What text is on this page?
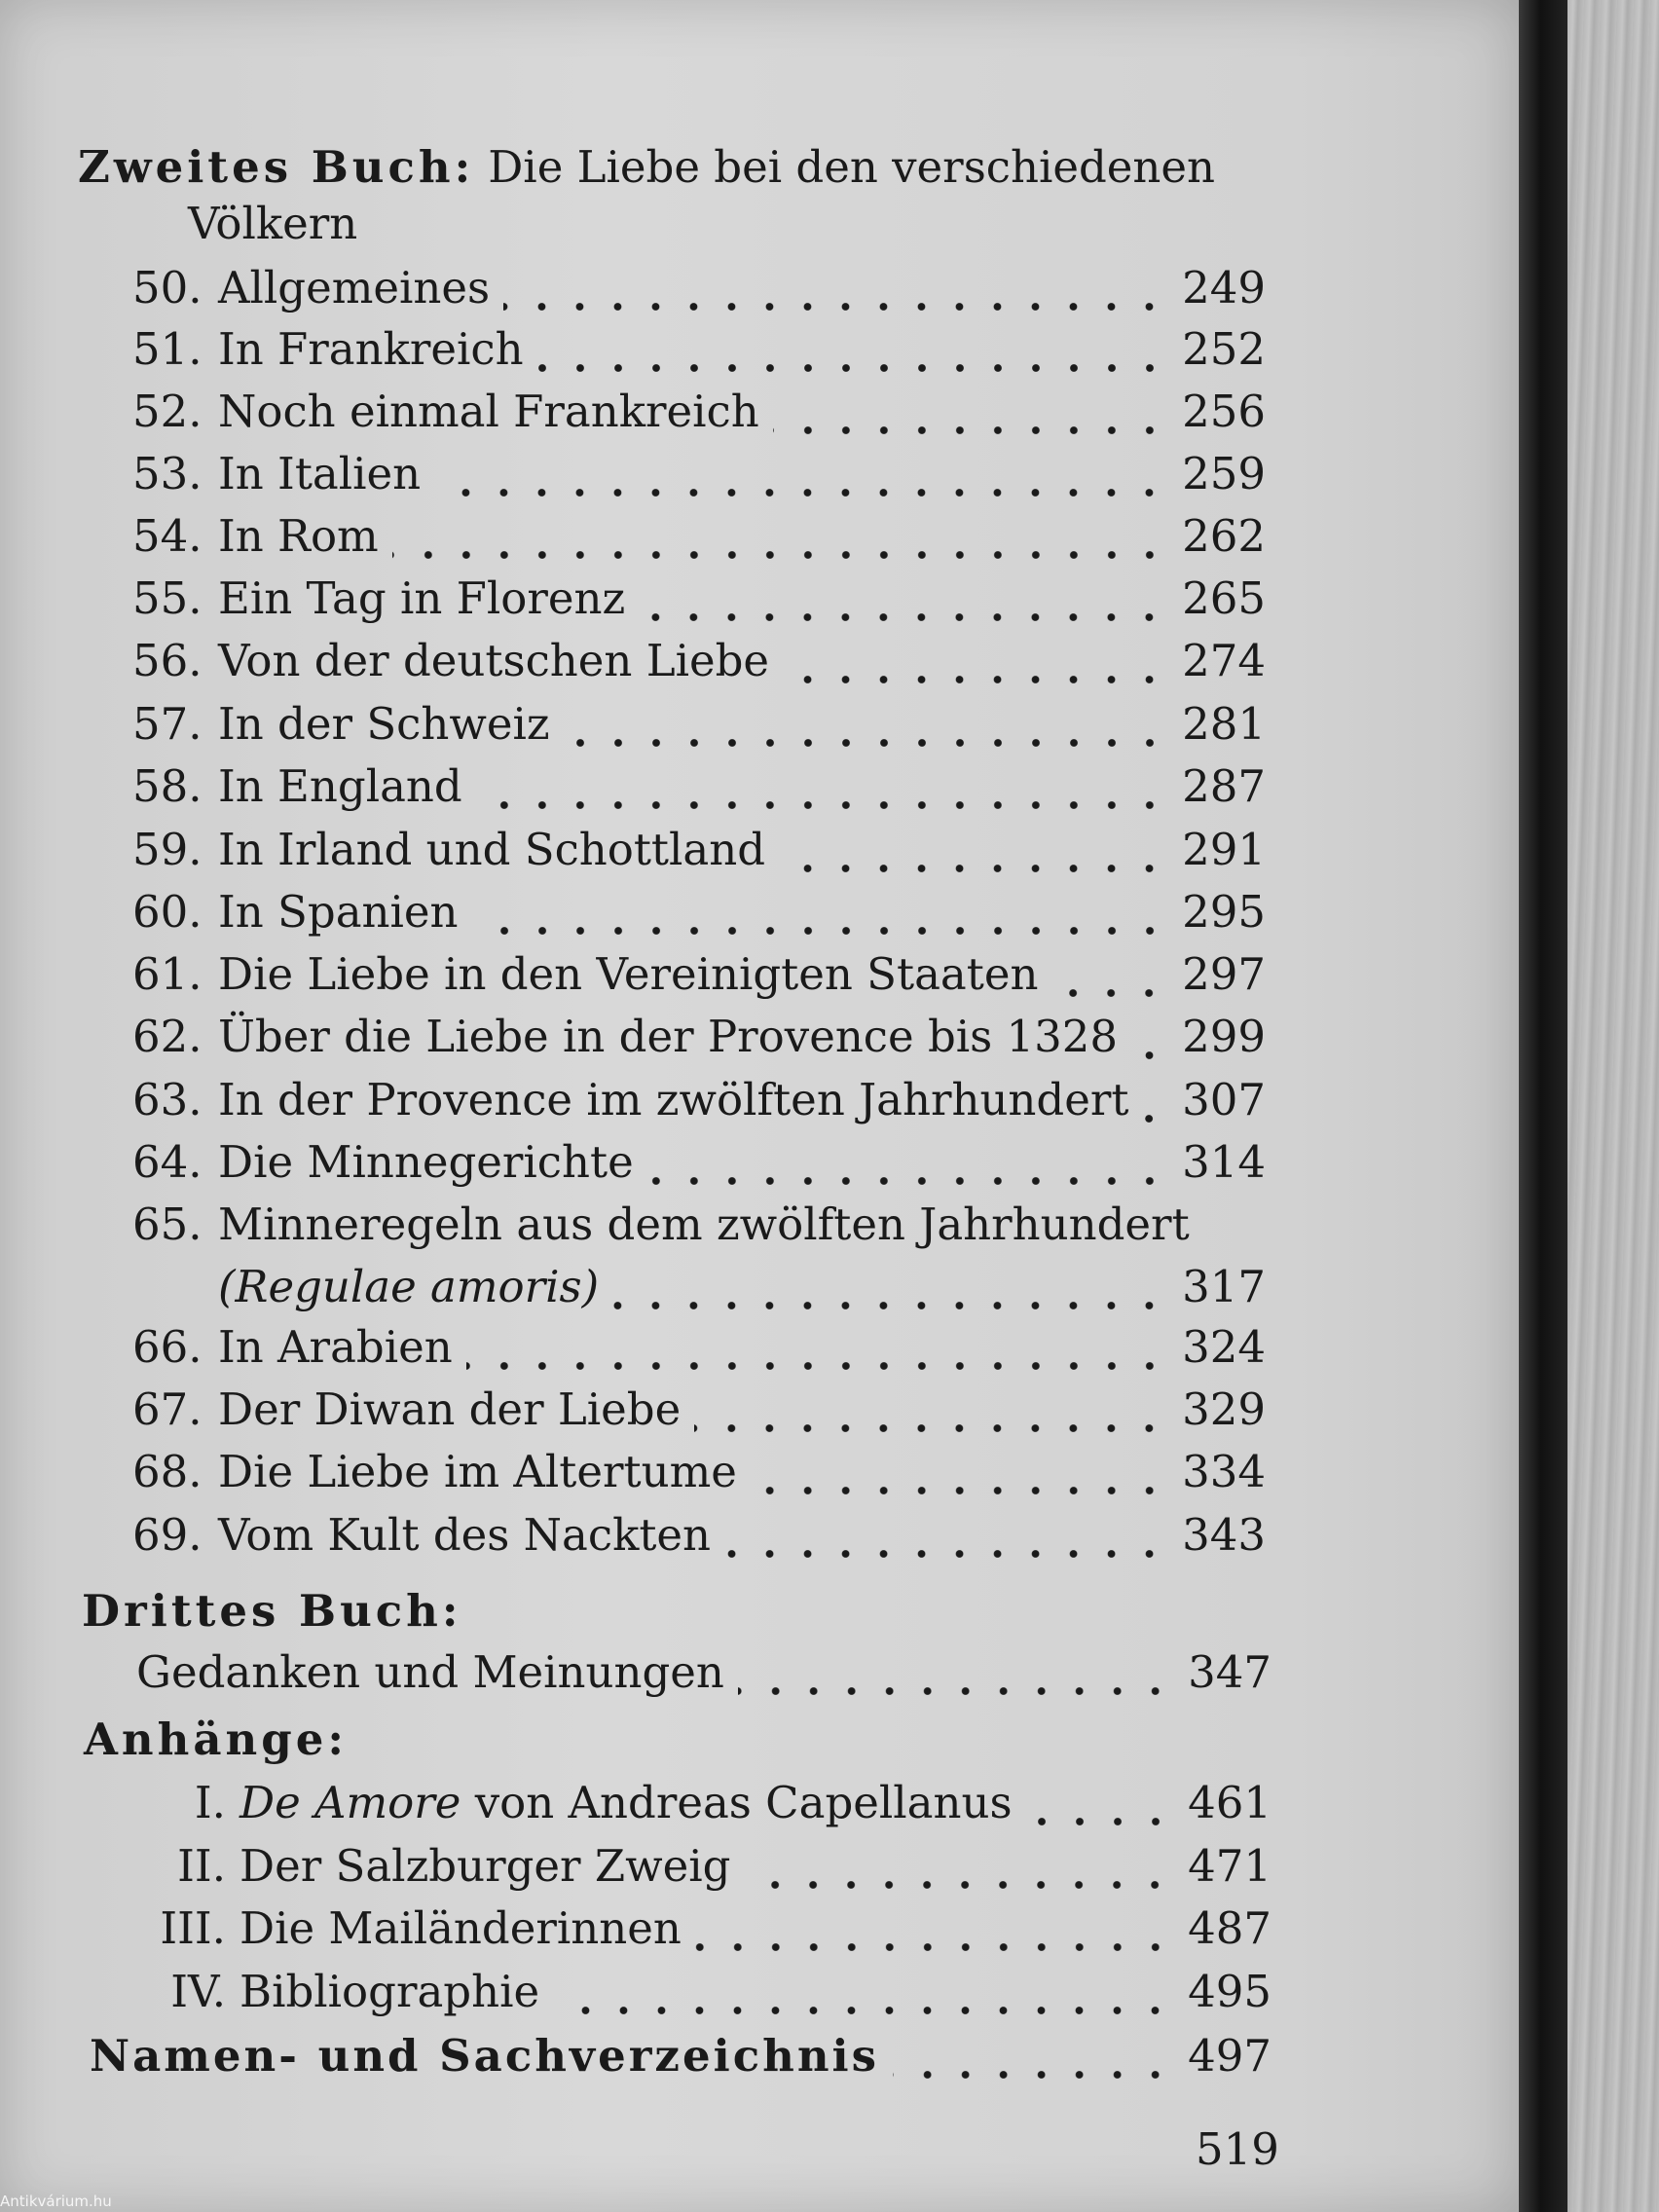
Zweites Buch: Die Liebe bei den verschiedenen
Völkern
50. Allgemeines	249
51. In Frankreich	252
52. Noch einmal Frankreich	256
53. In Italien	259
54. In Rom	262
55. Ein Tag in Florenz	265
56. Von der deutschen Liebe	274
57. In der Schweiz	281
58. In England	287
59. In Irland und Schottland	291
60. In Spanien	295
61. Die Liebe in den Vereinigten Staaten	297
62. Über die Liebe in der Provence bis 1328 299
63. In der Provence im zwölften Jahrhundert 307
64. Die Minnegerichte	314
65. Minneregeln aus dem zwölften Jahrhundert
(Regulae amoris)	317
66. In Arabien	324
67. Der Diwan der Liebe	329
68. Die Liebe im Altertume	334
69. Vom Kult des Nackten	343
Drittes Buch:
Gedanken und Meinungen	347
Anhänge:
I. De Amore von Andreas Capellanus	461
II. Der Salzburger Zweig	471
III. Die Mailänderinnen	487
IV. Bibliographie	495
Namen- und Sachverzeichnis	497
519
Antikvárium.hu
